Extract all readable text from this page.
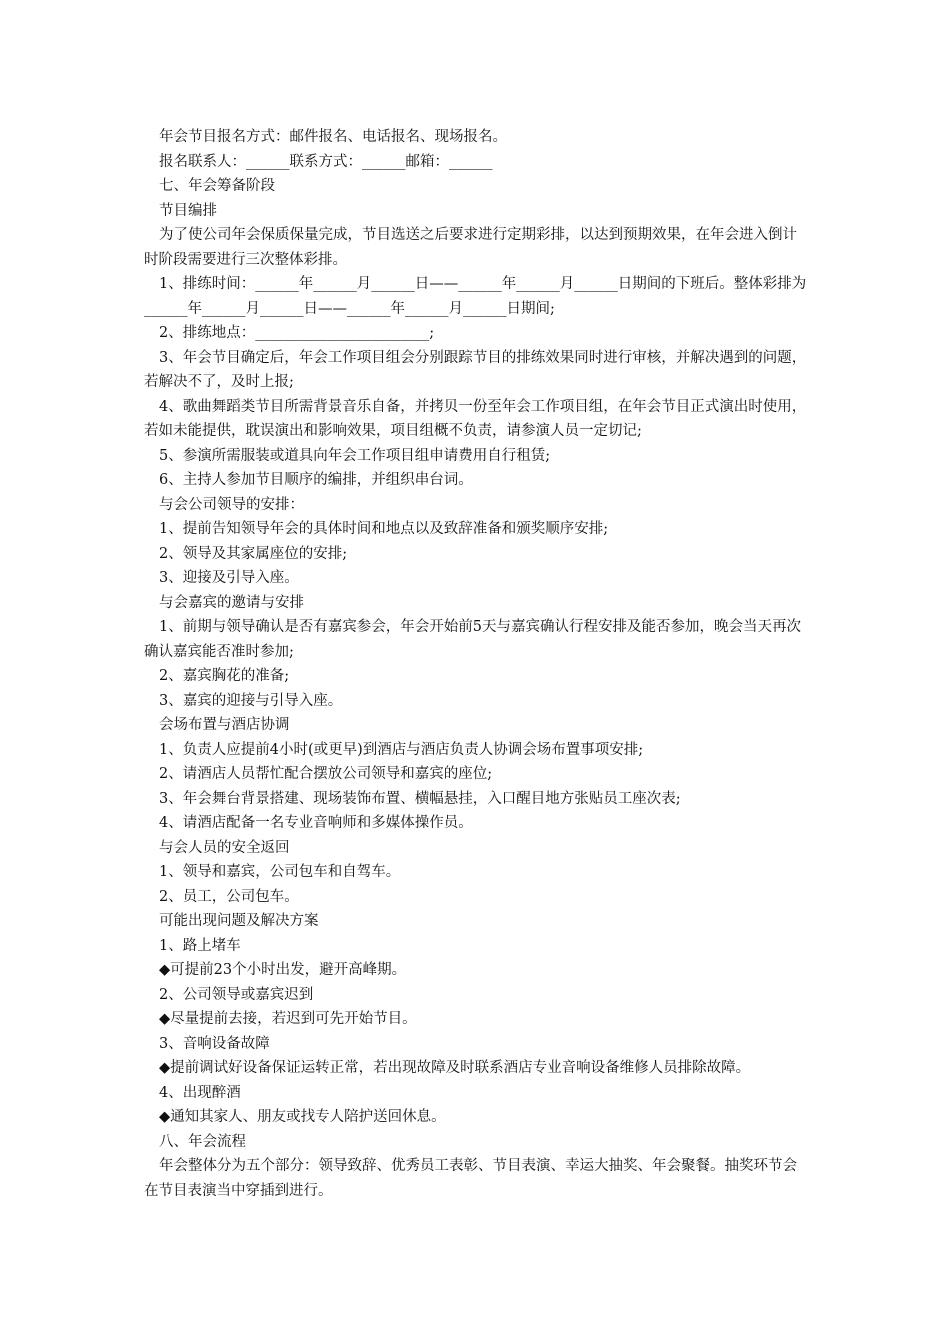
年会节目报名方式：邮件报名、电话报名、现场报名。

报名联系人：______联系方式：______邮箱：______

七、年会筹备阶段

节目编排

为了使公司年会保质保量完成，节目选送之后要求进行定期彩排，以达到预期效果，在年会进入倒计时阶段需要进行三次整体彩排。

1、排练时间：______年______月______日——______年______月______日期间的下班后。整体彩排为______年______月______日——______年______月______日期间;

2、排练地点：________________________;

3、年会节目确定后，年会工作项目组会分别跟踪节目的排练效果同时进行审核，并解决遇到的问题，若解决不了，及时上报;

4、歌曲舞蹈类节目所需背景音乐自备，并拷贝一份至年会工作项目组，在年会节目正式演出时使用，若如未能提供，耽误演出和影响效果，项目组概不负责，请参演人员一定切记;

5、参演所需服装或道具向年会工作项目组申请费用自行租赁;

6、主持人参加节目顺序的编排，并组织串台词。

与会公司领导的安排：

1、提前告知领导年会的具体时间和地点以及致辞准备和颁奖顺序安排;

2、领导及其家属座位的安排;

3、迎接及引导入座。

与会嘉宾的邀请与安排

1、前期与领导确认是否有嘉宾参会，年会开始前5天与嘉宾确认行程安排及能否参加，晚会当天再次确认嘉宾能否准时参加;

2、嘉宾胸花的准备;

3、嘉宾的迎接与引导入座。

会场布置与酒店协调

1、负责人应提前4小时(或更早)到酒店与酒店负责人协调会场布置事项安排;

2、请酒店人员帮忙配合摆放公司领导和嘉宾的座位;

3、年会舞台背景搭建、现场装饰布置、横幅悬挂，入口醒目地方张贴员工座次表;

4、请酒店配备一名专业音响师和多媒体操作员。

与会人员的安全返回

1、领导和嘉宾，公司包车和自驾车。

2、员工，公司包车。

可能出现问题及解决方案

1、路上堵车

◆可提前23个小时出发，避开高峰期。

2、公司领导或嘉宾迟到

◆尽量提前去接，若迟到可先开始节目。

3、音响设备故障

◆提前调试好设备保证运转正常，若出现故障及时联系酒店专业音响设备维修人员排除故障。

4、出现醉酒

◆通知其家人、朋友或找专人陪护送回休息。

八、年会流程

年会整体分为五个部分：领导致辞、优秀员工表彰、节目表演、幸运大抽奖、年会聚餐。抽奖环节会在节目表演当中穿插到进行。
